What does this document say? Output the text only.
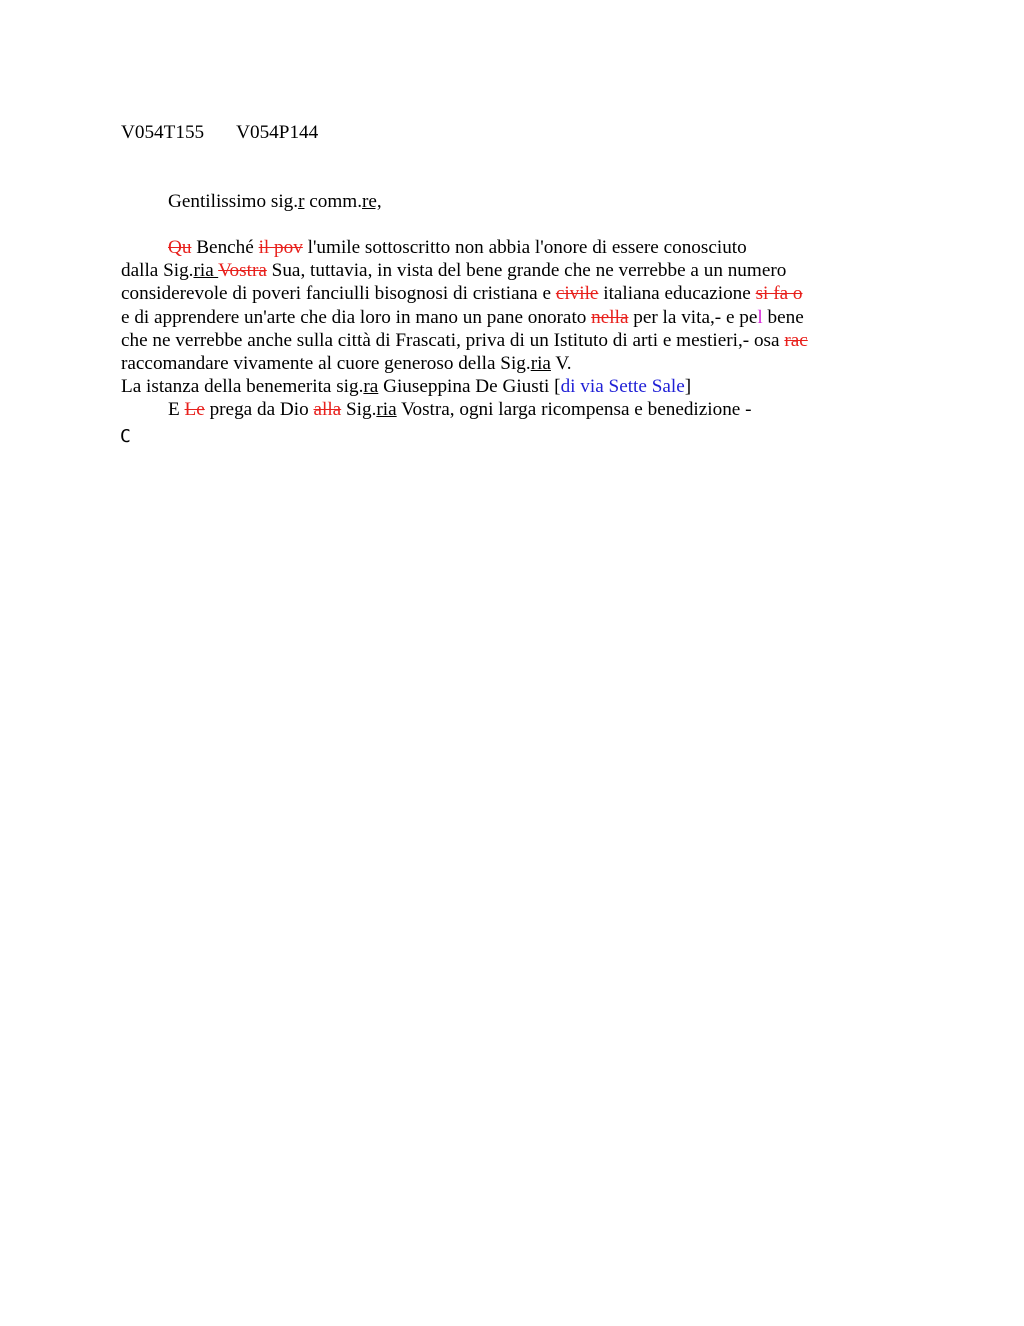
V054T155 V054P144
Gentilissimo sig.r comm.re,
Qu Benché il pov l'umile sottoscritto non abbia l'onore di essere conosciuto
dalla Sig.ria Vostra Sua, tuttavia, in vista del bene grande che ne verrebbe a un numero
considerevole di poveri fanciulli bisognosi di cristiana e civile italiana educazione si fa o
e di apprendere un'arte che dia loro in mano un pane onorato nella per la vita,- e pel bene
che ne verrebbe anche sulla città di Frascati, priva di un Istituto di arti e mestieri,- osa rac
raccomandare vivamente al cuore generoso della Sig.ria V.
La istanza della benemerita sig.ra Giuseppina De Giusti [di via Sette Sale]
E Le prega da Dio alla Sig.ria Vostra, ogni larga ricompensa e benedizione -
C
